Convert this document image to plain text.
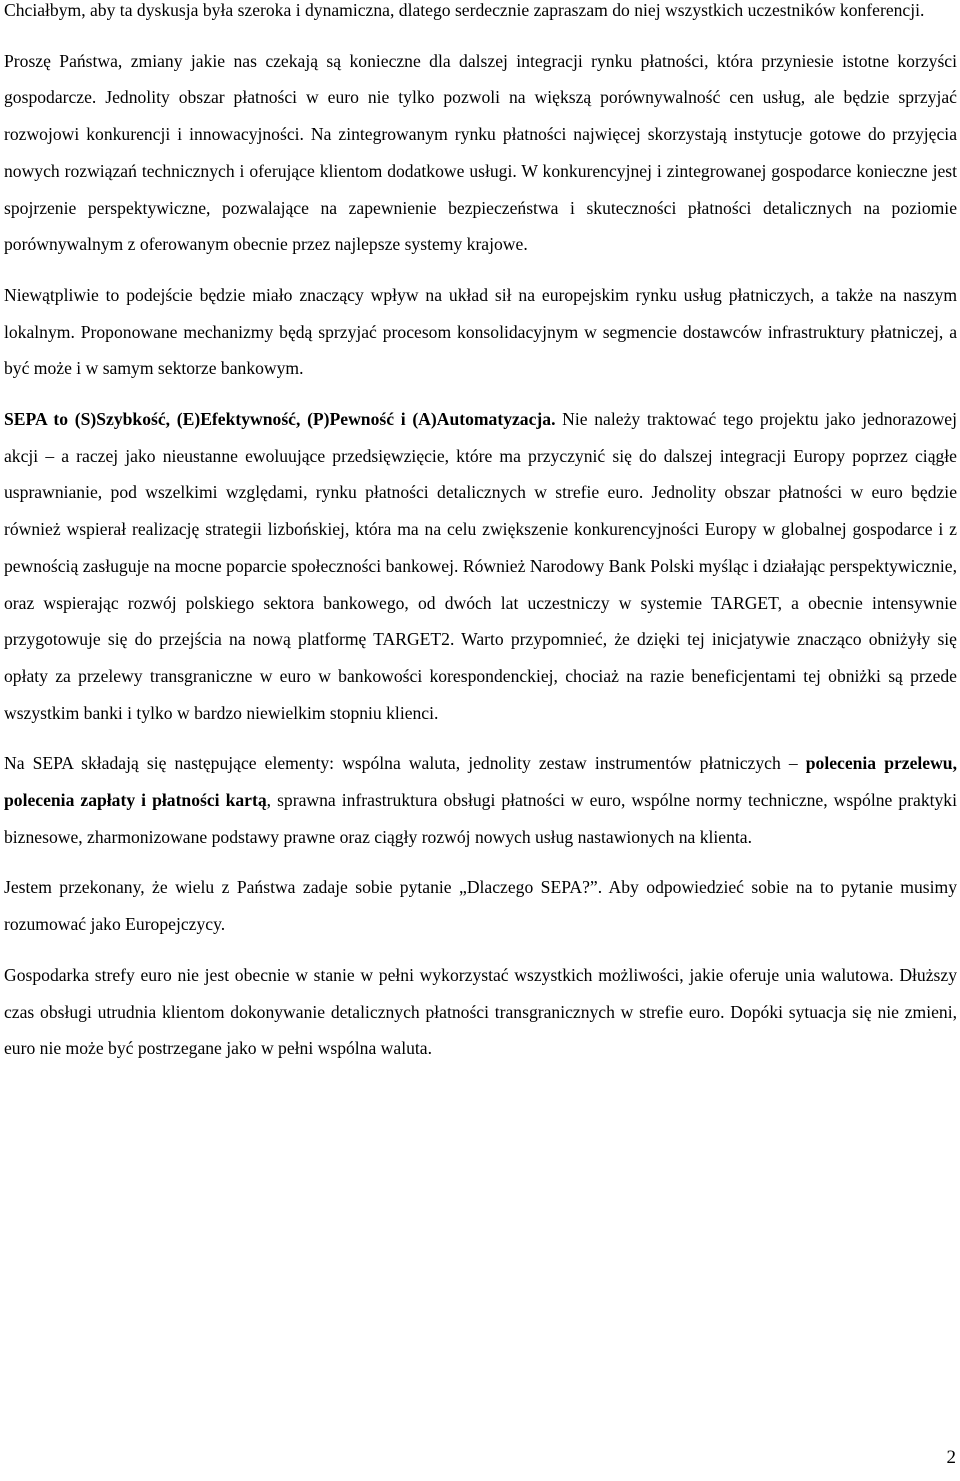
Chciałbym, aby ta dyskusja była szeroka i dynamiczna, dlatego serdecznie zapraszam do niej wszystkich uczestników konferencji.

Proszę Państwa, zmiany jakie nas czekają są konieczne dla dalszej integracji rynku płatności, która przyniesie istotne korzyści gospodarcze. Jednolity obszar płatności w euro nie tylko pozwoli na większą porównywalność cen usług, ale będzie sprzyjać rozwojowi konkurencji i innowacyjności. Na zintegrowanym rynku płatności najwięcej skorzystają instytucje gotowe do przyjęcia nowych rozwiązań technicznych i oferujące klientom dodatkowe usługi. W konkurencyjnej i zintegrowanej gospodarce konieczne jest spojrzenie perspektywiczne, pozwalające na zapewnienie bezpieczeństwa i skuteczności płatności detalicznych na poziomie porównywalnym z oferowanym obecnie przez najlepsze systemy krajowe.

Niewątpliwie to podejście będzie miało znaczący wpływ na układ sił na europejskim rynku usług płatniczych, a także na naszym lokalnym. Proponowane mechanizmy będą sprzyjać procesom konsolidacyjnym w segmencie dostawców infrastruktury płatniczej, a być może i w samym sektorze bankowym.

SEPA to (S)Szybkość, (E)Efektywność, (P)Pewność i (A)Automatyzacja. Nie należy traktować tego projektu jako jednorazowej akcji – a raczej jako nieustanne ewoluujące przedsięwzięcie, które ma przyczynić się do dalszej integracji Europy poprzez ciągłe usprawnianie, pod wszelkimi względami, rynku płatności detalicznych w strefie euro. Jednolity obszar płatności w euro będzie również wspierał realizację strategii lizbońskiej, która ma na celu zwiększenie konkurencyjności Europy w globalnej gospodarce i z pewnością zasługuje na mocne poparcie społeczności bankowej. Również Narodowy Bank Polski myśląc i działając perspektywicznie, oraz wspierając rozwój polskiego sektora bankowego, od dwóch lat uczestniczy w systemie TARGET, a obecnie intensywnie przygotowuje się do przejścia na nową platformę TARGET2. Warto przypomnieć, że dzięki tej inicjatywie znacząco obniżyły się opłaty za przelewy transgraniczne w euro w bankowości korespondenckiej, chociaż na razie beneficjentami tej obniżki są przede wszystkim banki i tylko w bardzo niewielkim stopniu klienci.

Na SEPA składają się następujące elementy: wspólna waluta, jednolity zestaw instrumentów płatniczych – polecenia przelewu, polecenia zapłaty i płatności kartą, sprawna infrastruktura obsługi płatności w euro, wspólne normy techniczne, wspólne praktyki biznesowe, zharmonizowane podstawy prawne oraz ciągły rozwój nowych usług nastawionych na klienta.

Jestem przekonany, że wielu z Państwa zadaje sobie pytanie „Dlaczego SEPA?”. Aby odpowiedzieć sobie na to pytanie musimy rozumować jako Europejczycy.

Gospodarka strefy euro nie jest obecnie w stanie w pełni wykorzystać wszystkich możliwości, jakie oferuje unia walutowa. Dłuższy czas obsługi utrudnia klientom dokonywanie detalicznych płatności transgranicznych w strefie euro. Dopóki sytuacja się nie zmieni, euro nie może być postrzegane jako w pełni wspólna waluta.

2
